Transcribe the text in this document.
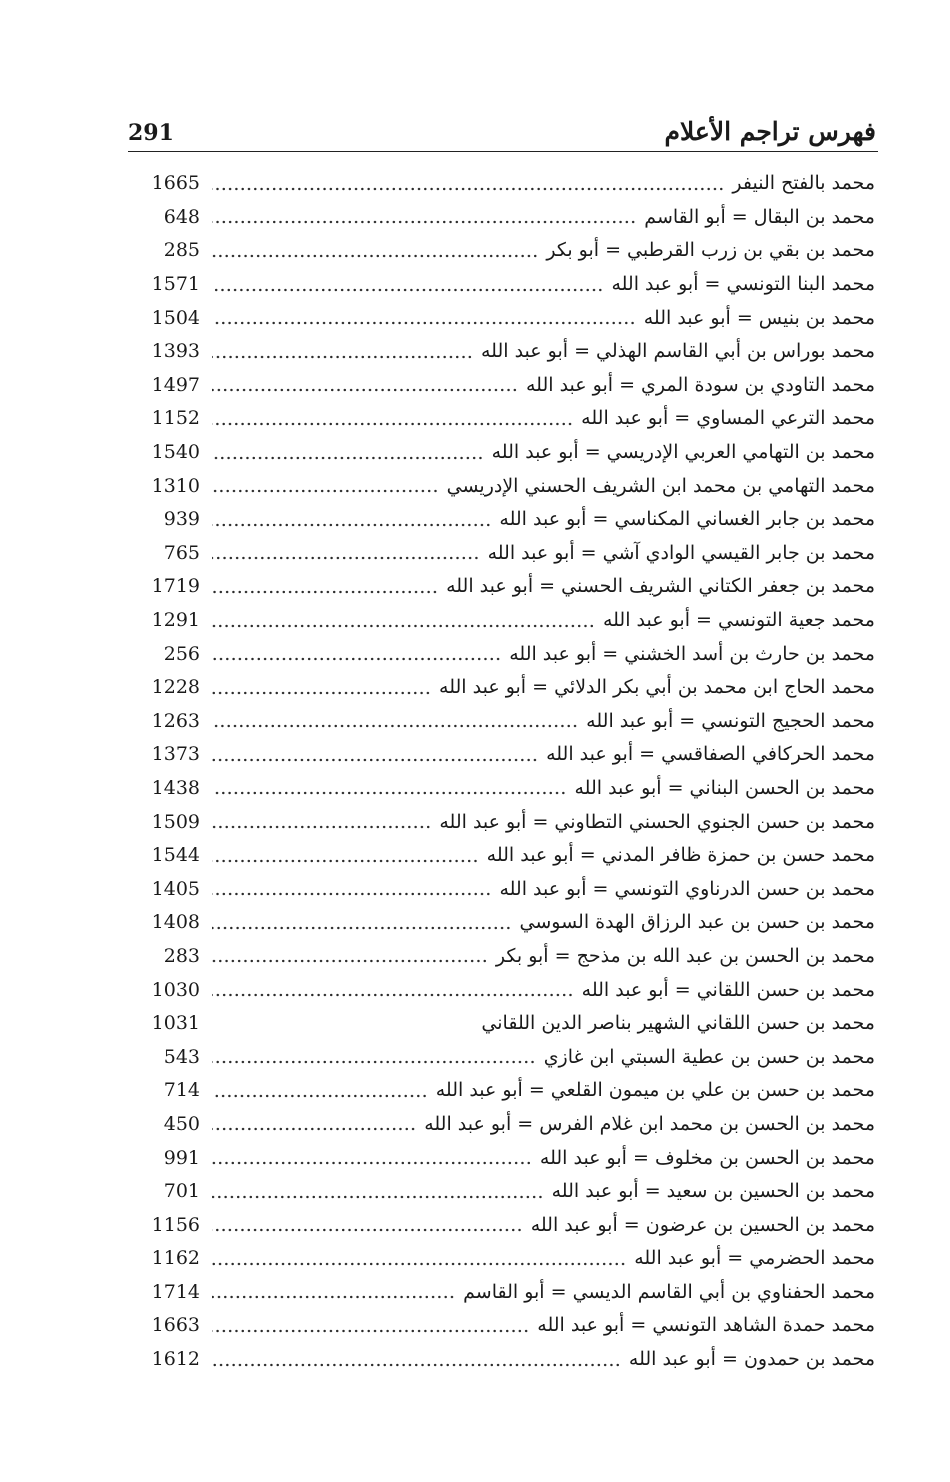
291	فهرس تراجم الأعلام
محمد بالفتح النيفر
1665
محمد بن البقال = أبو القاسم
648
محمد بن بقي بن زرب القرطبي = أبو بكر
285
محمد البنا التونسي = أبو عبد الله
1571
محمد بن بنيس = أبو عبد الله
1504
محمد بوراس بن أبي القاسم الهذلي = أبو عبد الله
1393
محمد التاودي بن سودة المري = أبو عبد الله
1497
محمد الترعي المساوي = أبو عبد الله
1152
محمد بن التهامي العربي الإدريسي = أبو عبد الله
1540
محمد التهامي بن محمد ابن الشريف الحسني الإدريسي
1310
محمد بن جابر الغساني المكناسي = أبو عبد الله
939
محمد بن جابر القيسي الوادي آشي = أبو عبد الله
765
محمد بن جعفر الكتاني الشريف الحسني = أبو عبد الله
1719
محمد جعية التونسي = أبو عبد الله
1291
محمد بن حارث بن أسد الخشني = أبو عبد الله
256
محمد الحاج ابن محمد بن أبي بكر الدلائي = أبو عبد الله
1228
محمد الحجيج التونسي = أبو عبد الله
1263
محمد الحركافي الصفاقسي = أبو عبد الله
1373
محمد بن الحسن البناني = أبو عبد الله
1438
محمد بن حسن الجنوي الحسني التطاوني = أبو عبد الله
1509
محمد حسن بن حمزة ظافر المدني = أبو عبد الله
1544
محمد بن حسن الدرناوي التونسي = أبو عبد الله
1405
محمد بن حسن بن عبد الرزاق الهدة السوسي
1408
محمد بن الحسن بن عبد الله بن مذحج = أبو بكر
283
محمد بن حسن اللقاني = أبو عبد الله
1030
محمد بن حسن اللقاني الشهير بناصر الدين اللقاني
1031
محمد بن حسن بن عطية السبتي ابن غازي
543
محمد بن حسن بن علي بن ميمون القلعي = أبو عبد الله
714
محمد بن الحسن بن محمد ابن غلام الفرس = أبو عبد الله
450
محمد بن الحسن بن مخلوف = أبو عبد الله
991
محمد بن الحسين بن سعيد = أبو عبد الله
701
محمد بن الحسين بن عرضون = أبو عبد الله
1156
محمد الحضرمي = أبو عبد الله
1162
محمد الحفناوي بن أبي القاسم الديسي = أبو القاسم
1714
محمد حمدة الشاهد التونسي = أبو عبد الله
1663
محمد بن حمدون = أبو عبد الله
1612
